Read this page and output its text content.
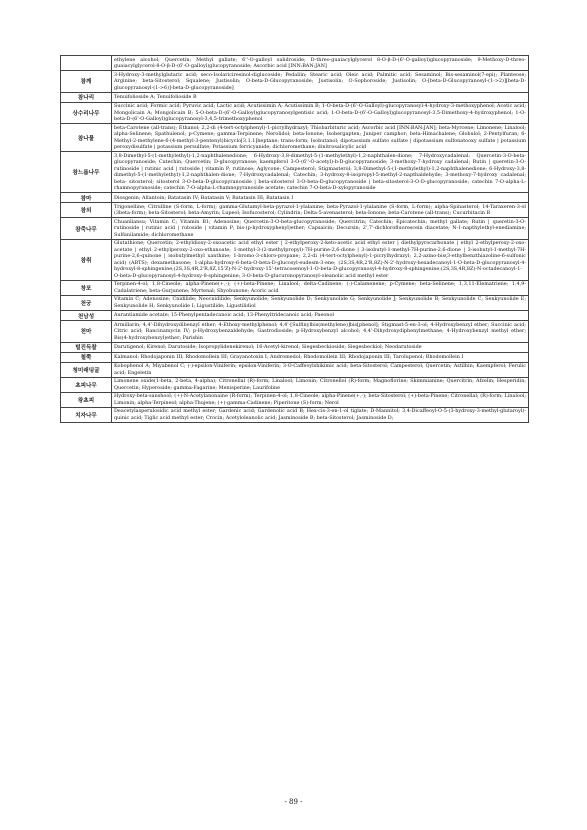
	ethylene alcohol; Quercetin; Methyl gallate; 6''-O-galloyl salidroside; D-threo-guaiacylglycerol 8-O-β-D-(6'-O-galloyl)glucopyranoside; 9-Methoxy-D-threo-guaiacylglycerol-8-O-β-D-(6'-O-galloyl)glucopyranoside; Ascorbic acid [INN:BAN:JAN]
참깨	3-Hydroxy-3-methylglutaric acid; seco-Isolariciresinol-diglucoside; Pedaliin; Stearic acid; Oleic acid; Palmitic acid; Sesaminol; Bis-sesaminol(7-epi); Planteose; Arginine; beta-Sitosterol; Squalene; Justisolin; O-beta-D-Glucopyranoside; Justisolin; O-Sophoroside; Justisolin; O-[beta-D-Glucopyranosyl-(1->2)][beta-D-glucopyranosyl-(1->6)]-beta-D-glucopyranoside]
참나리	Tenuifolioside A; Tenuifolioside B
상수리나무	Succinic acid; Formic acid; Pyruvic acid; Lactic acid; Acutissimin A; Acutissimin B; 1-O-beta-D-(6'-O-Galloyl)-glucopyranosyl-4-hydroxy-3-methoxyphenol; Acetic acid; Mongolicain A; Mongolicain B; 5-O-beta-D-(6'-O-Galloyl)glucopyranosylgentisic acid; 1-O-beta-D-(6'-O-Galloyl)glucopyranosyl-3,5-Dimethoxy-4-hydroxyphenol; 1-O-beta-D-(6'-O-Galloyl)glucopyranosyl-3,4,5-trimethoxyphenol
참나물	beta-Carotene (all-trans); Ethanol; 2,2-di (4-tert-octylphenyl)-1-picrylhydrazyl; Thiobarbituric acid; Ascorbic acid [INN:BAN:JAN]; beta-Myrcene; Limonene; Linalool; alpha-Selinene; Spathulenol; p-Cymene; gamma-Terpinene; Nerolidol; beta-Ionone; Isobergapten; Juniper camphor; beta-Himachalene; Globulol; 2-Pentylfuran; 6-Methyl-2-methylene-6-(4-methyl-3-pentenyl)bicyclo[3.1.1]heptane; trans-form; Isobutanol; dipotassium sulfato sulfate | dipotassium sulfonatooxy sulfate | potassium peroxydisulfate | potassium persulfate; Potassium ferricyanide; dichloromethane; dinitrosalicylic acid
참느릅나무	3,8-Dimethyl-5-(1-methylethyl)-1,2-naphthalenedione; 6-Hydroxy-3,8-dimethyl-5-(1-methylethyl)-1,2-naphthalen-dione; 7-Hydroxycadalenal; Quercetin-3-O-beta-glucopyranoside; Catechin; Quercetin; D-glucopyranose; kaempferol 3-O-(6''-O-acetyl)-b-D-glucopyranoside; 3-methoxy-7-hydroxy cadalenal; Rutin | queretin-3-O-rutinoside | rutinic acid | rutoside | vitamin P; rutinose; Aglycone; Campesterol; Stigmasterol; 3,8-Dimethyl-5-(1-methylethyl)-1,2-naphthalenedione; 6-Hydroxy-3,8-dimethyl-5-(1-methylethyl)-1,2-naphthalen-dione; 7-Hydroxycadalenal; Catechin; 3-hydroxy-8-isopropyl-5-methyl-2-napthaldehyde; 3-methoxy-7-hydroxy cadalenal; beta- sitosterol; sitosterol 3-O-beta-D-glucopyranoside | beta-sitosterol 3-O-beta-D-glucopyranoside | beta-sitosterol-3-O-D-glucopyranoside; catechin 7-O-alpha-L-rhamnopyranoside; catechin 7-O-alpha-L-rhamnopyranoside acetate; catechin 7-O-beta-D-xylopyranoside
참마	Diosgenin; Allantoin; Batatasin IV; Batatasin V; Batatasin III; Batatasin I
참외	Trigonelline; Citrulline (S-form, L-form); gamma-Glutamyl-beta-pyrazol-1-ylalanine; beta-Pyrazol-1-ylalanine (S-form, L-form); alpha-Spinasterol; 14-Taraxeren-3-ol (3beta-form); beta-Sitosterol; beta-Amyrin; Lupeol; Isofucosterol; Cylindrin; Delta-5-avenasterol; beta-Ionone; beta-Carotene (all-trans); Cucurbitacin B
참죽나무	Chuanliansu; Vitamin C; Vitamin B1; Adenosine; Quercetin-3-O-beta-glucopyranoside; Quercitrin; Catechin; Epicatechin; methyl gallate; Rutin | queretin-3-O-rutinoside | rutinic acid | rutoside | vitamin P; bis-(p-hydroxyphenyl)ether; Capsaicin; Decursin; 2',7'-dichlorofluorescein diacetate; N-1-napthylethyl-enediamine; Sulfanilamide; dichloromethane
참취	Glutathione; Quercetin; 2-ethyldioxy-2-oxoacetic acid ethyl ester | 2-ethylperoxy-2-keto-acetic acid ethyl ester | diethylpyrocarbonate | ethyl 2-ethylperoxy-2-oxo-acetate | ethyl 2-ethylperoxy-2-oxo-ethanoate; 1-methyl-3-(2-methylpropyl)-7H-purine-2,6-dione | 3-isobutyl-1-methyl-7H-purine-2,6-dione | 3-isobutyl-1-methyl-7H-purine-2,6-quinone | isobutylmethyl xanthine; 1-bromo-3-chloro-propane; 2,2-di (4-tert-octylphenyl)-1-picrylhydrazyl; 2,2-azino-bis(3-ethylbenzthiazoline-6-sulfonic acid) (ABTS); dexamethasone; 1-alpha-hydroxy-6-beta-O-beta-D-glucosyl-eudesm-3-ene; (2S,3S,4R,2'R,8Z)-N-2'-hydroxy-hexadecanoyl-1-O-beta-D-glucopyranosyl-4-hydroxyl-8-sphingenine;(2S,3S,4R,2'R,8Z,15'Z)-N-2'-hydroxy-15'-tetracosenoyl-1-O-beta-D-glucopyranosyl-4-hydroxy-8-sphingenine;(2S,3S,4R,8Z)-N-octadecanoyl-1-O-beta-D-glucopyranosyl-4-hydroxy-8-sphingenine; 3-O-beta-D-glucuronopyranosyl-oleanolic acid methyl ester
창포	Terpinen-4-ol; 1,8-Cineole; alpha-Pinene(+,-); (+)-beta-Pinene; Linalool; delta-Cadinene; (-)-Calamenene; p-Cymene; beta-Selinene; 1,3,11-Elematriene; 1,4,9-Cadalatriene; beta-Gurjunene; Myrtenal; Shyobunone; Acoric acid
천궁	Vitamin C; Adenosine; Cnidilide; Neocnidilide; Senkyunolide; Senkyunolide D; Senkyunolide G; Senkyunolide J; Senkyunolide B; Senkyunolide C; Senkyunolide E; Senkyunolide H; Senkyunolide I; Ligustilide; Ligustilidiol
천남성	Aurantiamide acetate; 15-Phenylpentadecanoic acid; 13-Phenyltridecanoic acid; Paeonol
천마	Armillarin; 4,4'-Dihydroxydibenzyl ether; 4-Ethoxy-methylphenol; 4,4'-[Sulfinylbis(methylene)]bis[phenol]; Stigmast-5-en-3-ol; 4-Hydroxybenzyl ether; Succinic acid; Citric acid; Rancinamycin IV; p-Hydroxybenzaldehyde; Gastrodioside; p-Hydroxybenzyl alcohol; 4,4'-Dihydroxydiphenylmethane; 4-Hydroxybenzyl methyl ether; Bis(4-hydroxybenzyl)ether; Parishin
털진득찰	Darutigenol; Kirenol; Darutoside; Isopropylidenekirenol; 16-Acetyl-kirenol; Siegesbeckioside; Siegesbeckiol; Neodarutoside
철쭉	Kalmanol; Rhodojaponin III; Rhodomollein III; Grayanotoxin I; Andromedol; Rhodomollein III; Rhodojaponin III; Tarolupenol; Rhodomollein I
청미래덩굴	Kobophenol A; Miyabenol C; (-)-epsilon-Viniferin; epsilon-Viniferin; 3-O-Caffeoylshikimic acid; beta-Sitosterol; Campesterol; Quercetin; Astilbin; Kaempferol; Ferulic acid; Engeletin
초피나무	Limonene oxide(1-beta, 2-beta, 4-alpha); Citronellal (R)-form; Linalool; Limonin; Citronellol (R)-form; Magnoflorine; Skimmianine; Quercitrin; Afzelin; Hesperidin; Quercetin; Hyperoside; gamma-Fagarine; Menisperine; Laurifoline
왕초피	Hydroxy-beta-sanshool; (+)-N-Acetylanonaine (R-form); Terpinen-4-ol; 1,8-Cineole; alpha-Pinene(+,-); beta-Sitosterol; (+)-beta-Pinene; Citronellal; (R)-form; Linalool; Limonin; alpha-Terpineol; alpha-Thujene; (+)-gamma-Cadinene; Piperitone (S)-form; Nerol
치자나무	Deacetylasperulosidic acid methyl ester; Gardenic acid; Gardenolic acid B; Hex-cis-3-en-1-ol tiglate; D-Mannitol; 3,4-Dicaffeoyl-O-5-(3-hydroxy-3-methyl-glutaroyl)-quinic acid; Tiglic acid methyl ester; Crocin; Acetyloleanolic acid; Jasminoside B; beta-Sitosterol; Jasminoside D;
- 89 -
